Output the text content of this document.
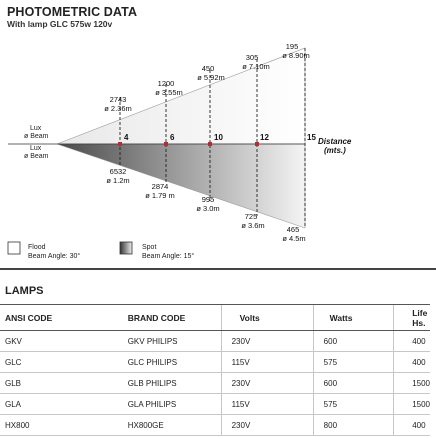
PHOTOMETRIC DATA
With lamp GLC 575w 120v
4	6	10	12	15 Distance
(mts.)
Lux
ø Beam
Lux
ø Beam
2743
ø 2.36m
1200
ø 3.55m
450
ø 5.92m
305
ø 7.10m
195
ø 8.90m
6532
ø 1.2m
2874
ø 1.79 m	995
ø 3.0m
725
ø 3.6m	465
ø 4.5m
Flood
Beam Angle: 30°
Spot
Beam Angle: 15°
LAMPS
ANSI CODE	BRAND CODE	Volts	Watts	Life Hs.
GKV	GKV PHILIPS	230V	600	400
GLC	GLC PHILIPS	115V	575	400
GLB	GLB PHILIPS	230V	600	1500
GLA	GLA PHILIPS	115V	575	1500
HX800	HX800GE	230V	800	400
